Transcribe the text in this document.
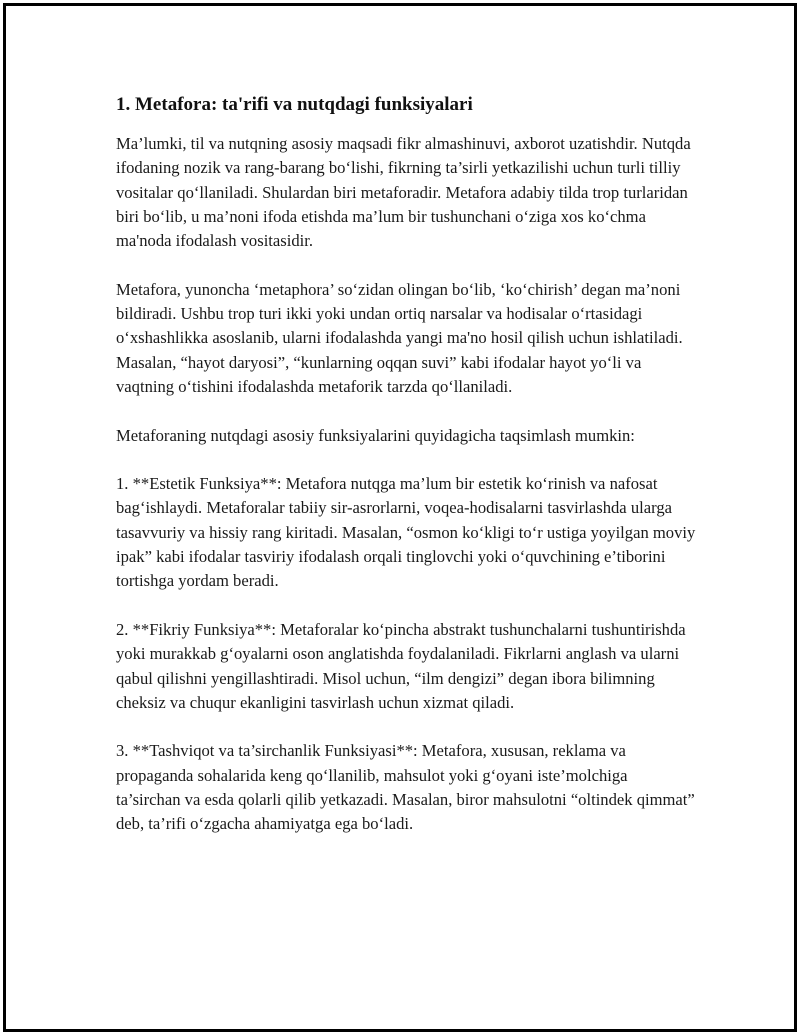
1. Metafora: ta'rifi va nutqdagi funksiyalari

Ma’lumki, til va nutqning asosiy maqsadi fikr almashinuvi, axborot uzatishdir. Nutqda ifodaning nozik va rang-barang bo‘lishi, fikrning ta’sirli yetkazilishi uchun turli tilliy vositalar qo‘llaniladi. Shulardan biri metaforadir. Metafora adabiy tilda trop turlaridan biri bo‘lib, u ma’noni ifoda etishda ma’lum bir tushunchani o‘ziga xos ko‘chma ma'noda ifodalash vositasidir.

Metafora, yunoncha ‘metaphora’ so‘zidan olingan bo‘lib, ‘ko‘chirish’ degan ma’noni bildiradi. Ushbu trop turi ikki yoki undan ortiq narsalar va hodisalar o‘rtasidagi o‘xshashlikka asoslanib, ularni ifodalashda yangi ma'no hosil qilish uchun ishlatiladi. Masalan, “hayot daryosi”, “kunlarning oqqan suvi” kabi ifodalar hayot yo‘li va vaqtning o‘tishini ifodalashda metaforik tarzda qo‘llaniladi.

Metaforaning nutqdagi asosiy funksiyalarini quyidagicha taqsimlash mumkin:

1. **Estetik Funksiya**: Metafora nutqga ma’lum bir estetik ko‘rinish va nafosat bag‘ishlaydi. Metaforalar tabiiy sir-asrorlarni, voqea-hodisalarni tasvirlashda ularga tasavvuriy va hissiy rang kiritadi. Masalan, “osmon ko‘kligi to‘r ustiga yoyilgan moviy ipak” kabi ifodalar tasviriy ifodalash orqali tinglovchi yoki o‘quvchining e’tiborini tortishga yordam beradi.

2. **Fikriy Funksiya**: Metaforalar ko‘pincha abstrakt tushunchalarni tushuntirishda yoki murakkab g‘oyalarni oson anglatishda foydalaniladi. Fikrlarni anglash va ularni qabul qilishni yengillashtiradi. Misol uchun, “ilm dengizi” degan ibora bilimning cheksiz va chuqur ekanligini tasvirlash uchun xizmat qiladi.

3. **Tashviqot va ta’sirchanlik Funksiyasi**: Metafora, xususan, reklama va propaganda sohalarida keng qo‘llanilib, mahsulot yoki g‘oyani iste’molchiga ta’sirchan va esda qolarli qilib yetkazadi. Masalan, biror mahsulotni “oltindek qimmat” deb, ta’rifi o‘zgacha ahamiyatga ega bo‘ladi.
